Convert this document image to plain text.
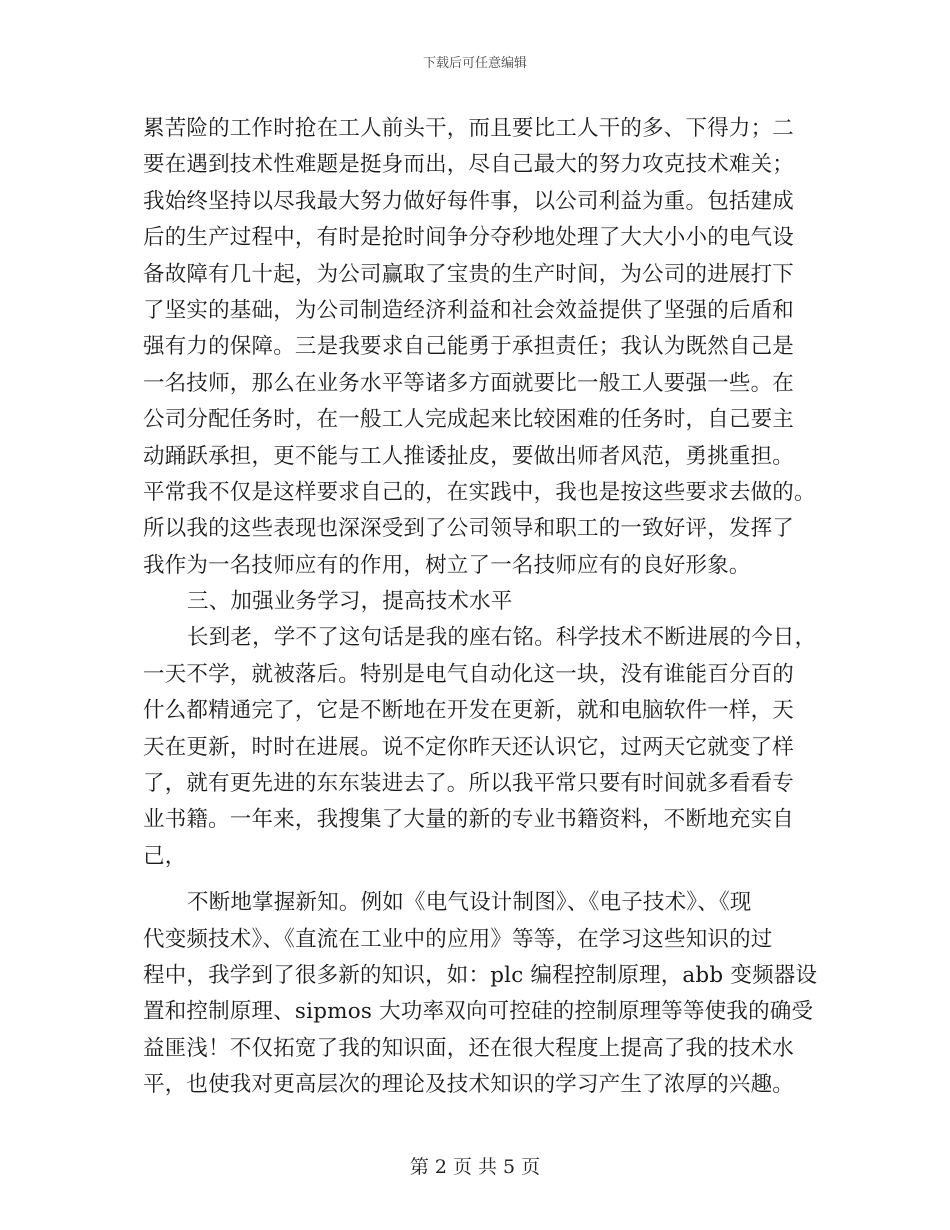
下载后可任意编辑
累苦险的工作时抢在工人前头干，而且要比工人干的多、下得力；二
要在遇到技术性难题是挺身而出，尽自己最大的努力攻克技术难关；
我始终坚持以尽我最大努力做好每件事，以公司利益为重。包括建成
后的生产过程中，有时是抢时间争分夺秒地处理了大大小小的电气设
备故障有几十起，为公司赢取了宝贵的生产时间，为公司的进展打下
了坚实的基础，为公司制造经济利益和社会效益提供了坚强的后盾和
强有力的保障。三是我要求自己能勇于承担责任；我认为既然自己是
一名技师，那么在业务水平等诸多方面就要比一般工人要强一些。在
公司分配任务时，在一般工人完成起来比较困难的任务时，自己要主
动踊跃承担，更不能与工人推诿扯皮，要做出师者风范，勇挑重担。
平常我不仅是这样要求自己的，在实践中，我也是按这些要求去做的。
所以我的这些表现也深深受到了公司领导和职工的一致好评，发挥了
我作为一名技师应有的作用，树立了一名技师应有的良好形象。
三、加强业务学习，提高技术水平
长到老，学不了这句话是我的座右铭。科学技术不断进展的今日，
一天不学，就被落后。特别是电气自动化这一块，没有谁能百分百的
什么都精通完了，它是不断地在开发在更新，就和电脑软件一样，天
天在更新，时时在进展。说不定你昨天还认识它，过两天它就变了样
了，就有更先进的东东装进去了。所以我平常只要有时间就多看看专
业书籍。一年来，我搜集了大量的新的专业书籍资料，不断地充实自
己，
不断地掌握新知。例如《电气设计制图》、《电子技术》、《现
代变频技术》、《直流在工业中的应用》等等，在学习这些知识的过
程中，我学到了很多新的知识，如：plc 编程控制原理，abb 变频器设
置和控制原理、sipmos 大功率双向可控硅的控制原理等等使我的确受
益匪浅！不仅拓宽了我的知识面，还在很大程度上提高了我的技术水
平，也使我对更高层次的理论及技术知识的学习产生了浓厚的兴趣。
第 2 页 共 5 页
